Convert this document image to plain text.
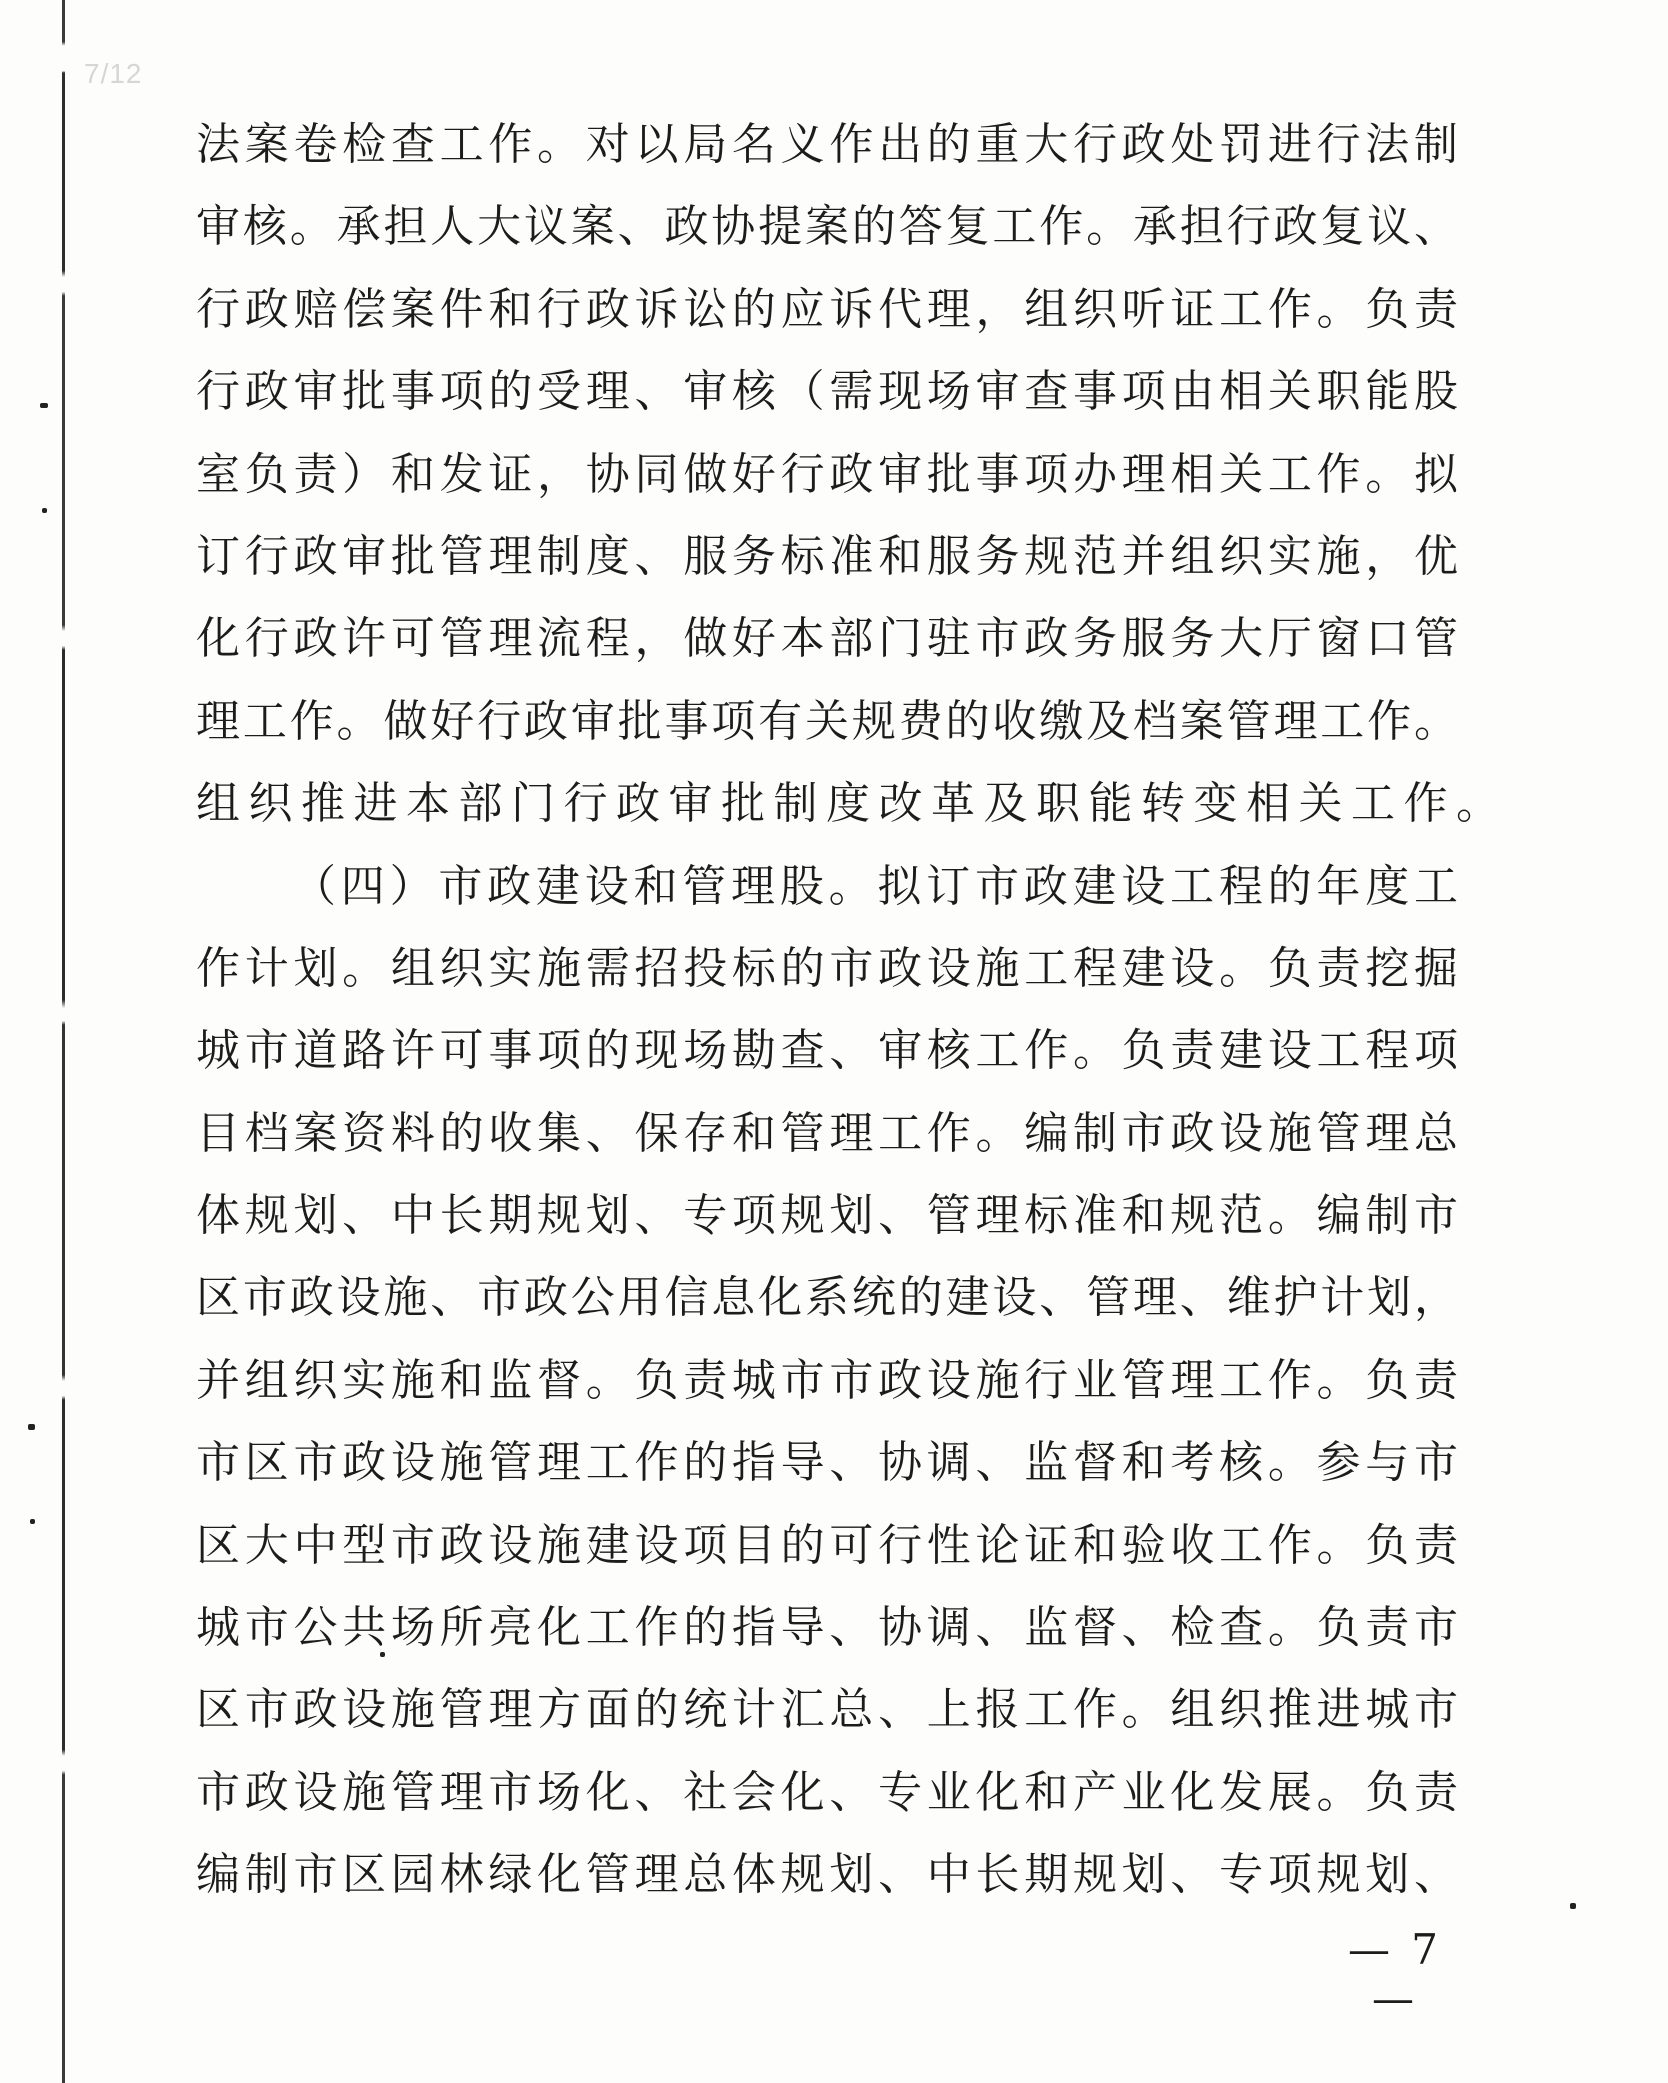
7/12
法案卷检查工作。对以局名义作出的重大行政处罚进行法制
审核。承担人大议案、政协提案的答复工作。承担行政复议、
行政赔偿案件和行政诉讼的应诉代理，组织听证工作。负责
行政审批事项的受理、审核（需现场审查事项由相关职能股
室负责）和发证，协同做好行政审批事项办理相关工作。拟
订行政审批管理制度、服务标准和服务规范并组织实施，优
化行政许可管理流程，做好本部门驻市政务服务大厅窗口管
理工作。做好行政审批事项有关规费的收缴及档案管理工作。
组织推进本部门行政审批制度改革及职能转变相关工作。
（四）市政建设和管理股。拟订市政建设工程的年度工
作计划。组织实施需招投标的市政设施工程建设。负责挖掘
城市道路许可事项的现场勘查、审核工作。负责建设工程项
目档案资料的收集、保存和管理工作。编制市政设施管理总
体规划、中长期规划、专项规划、管理标准和规范。编制市
区市政设施、市政公用信息化系统的建设、管理、维护计划，
并组织实施和监督。负责城市市政设施行业管理工作。负责
市区市政设施管理工作的指导、协调、监督和考核。参与市
区大中型市政设施建设项目的可行性论证和验收工作。负责
城市公共场所亮化工作的指导、协调、监督、检查。负责市
区市政设施管理方面的统计汇总、上报工作。组织推进城市
市政设施管理市场化、社会化、专业化和产业化发展。负责
编制市区园林绿化管理总体规划、中长期规划、专项规划、
— 7 —
